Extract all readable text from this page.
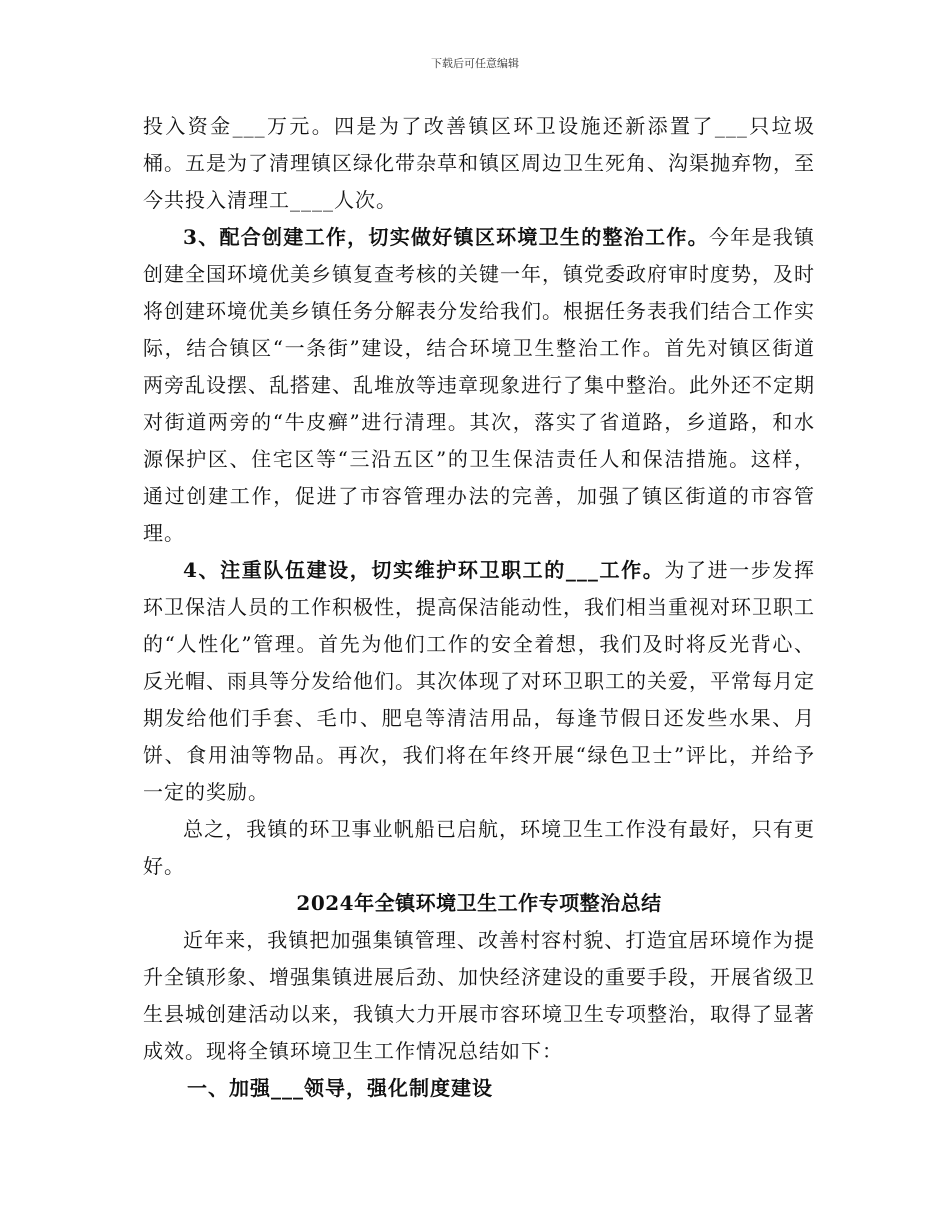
下载后可任意编辑

投入资金___万元。四是为了改善镇区环卫设施还新添置了___只垃圾桶。五是为了清理镇区绿化带杂草和镇区周边卫生死角、沟渠抛弃物，至今共投入清理工____人次。

3、配合创建工作，切实做好镇区环境卫生的整治工作。今年是我镇创建全国环境优美乡镇复查考核的关键一年，镇党委政府审时度势，及时将创建环境优美乡镇任务分解表分发给我们。根据任务表我们结合工作实际，结合镇区“一条街”建设，结合环境卫生整治工作。首先对镇区街道两旁乱设摆、乱搭建、乱堆放等违章现象进行了集中整治。此外还不定期对街道两旁的“牛皮癣”进行清理。其次，落实了省道路，乡道路，和水源保护区、住宅区等“三沿五区”的卫生保洁责任人和保洁措施。这样，通过创建工作，促进了市容管理办法的完善，加强了镇区街道的市容管理。

4、注重队伍建设，切实维护环卫职工的___工作。为了进一步发挥环卫保洁人员的工作积极性，提高保洁能动性，我们相当重视对环卫职工的“人性化”管理。首先为他们工作的安全着想，我们及时将反光背心、反光帽、雨具等分发给他们。其次体现了对环卫职工的关爱，平常每月定期发给他们手套、毛巾、肥皂等清洁用品，每逢节假日还发些水果、月饼、食用油等物品。再次，我们将在年终开展“绿色卫士”评比，并给予一定的奖励。

总之，我镇的环卫事业帆船已启航，环境卫生工作没有最好，只有更好。

2024年全镇环境卫生工作专项整治总结

近年来，我镇把加强集镇管理、改善村容村貌、打造宜居环境作为提升全镇形象、增强集镇进展后劲、加快经济建设的重要手段，开展省级卫生县城创建活动以来，我镇大力开展市容环境卫生专项整治，取得了显著成效。现将全镇环境卫生工作情况总结如下：

一、加强___领导，强化制度建设
